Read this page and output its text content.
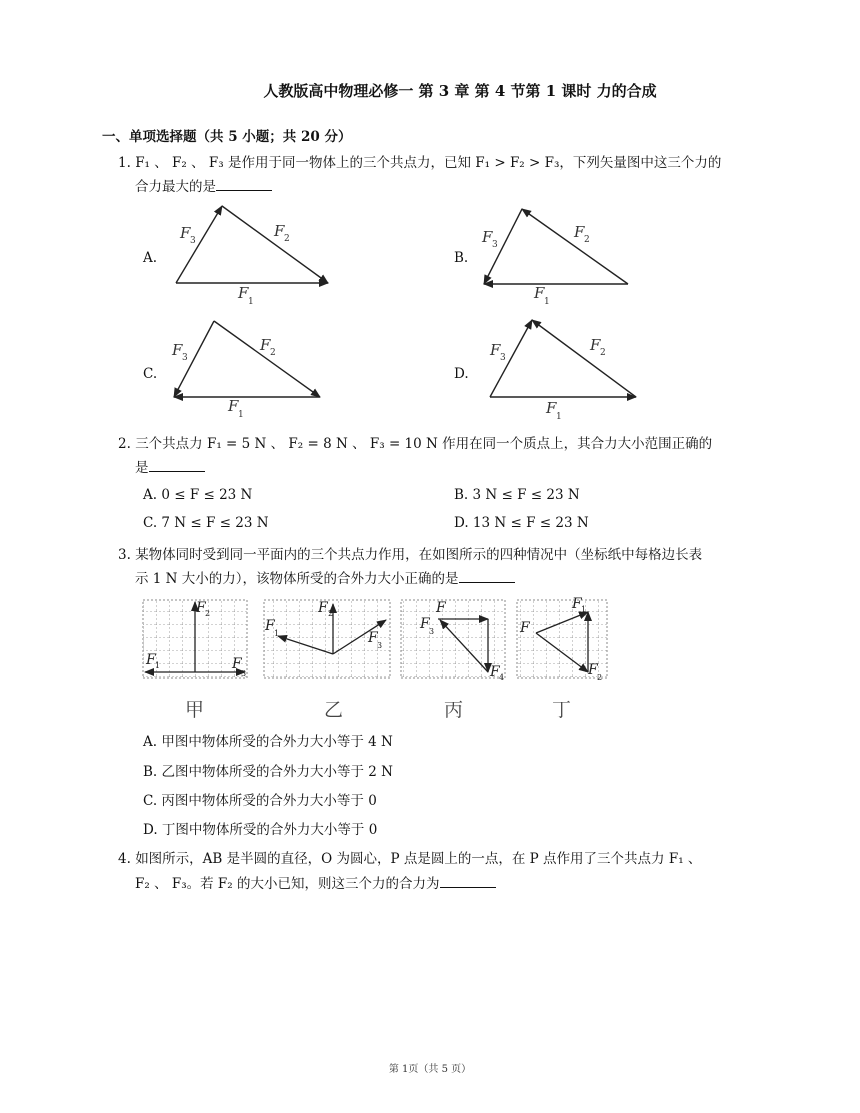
人教版高中物理必修一 第 3 章 第 4 节第 1 课时 力的合成
一、单项选择题（共 5 小题；共 20 分）
1. F₁ 、 F₂ 、 F₃ 是作用于同一物体上的三个共点力，已知 F₁ > F₂ > F₃，下列矢量图中这三个力的
合力最大的是
A.	B.
C.	D.
F 3
F 2
F 1
F 3
F 2
F 1
F 3
F 2
F 1
F 3
F 2
F 1
2. 三个共点力 F₁ = 5 N 、 F₂ = 8 N 、 F₃ = 10 N 作用在同一个质点上，其合力大小范围正确的
是
A. 0 ≤ F ≤ 23 N	B. 3 N ≤ F ≤ 23 N
C. 7 N ≤ F ≤ 23 N	D. 13 N ≤ F ≤ 23 N
3. 某物体同时受到同一平面内的三个共点力作用，在如图所示的四种情况中（坐标纸中每格边长表
示 1 N 大小的力），该物体所受的合外力大小正确的是
F 2
F 1	F
3
F 1
F 2
F 3
F
F 3
F 4
F 1
F
F 2
甲	乙	丙	丁
A. 甲图中物体所受的合外力大小等于 4 N
B. 乙图中物体所受的合外力大小等于 2 N
C. 丙图中物体所受的合外力大小等于 0
D. 丁图中物体所受的合外力大小等于 0
4. 如图所示，AB 是半圆的直径，O 为圆心，P 点是圆上的一点，在 P 点作用了三个共点力 F₁ 、
F₂ 、 F₃。若 F₂ 的大小已知，则这三个力的合力为
第 1页（共 5 页）
